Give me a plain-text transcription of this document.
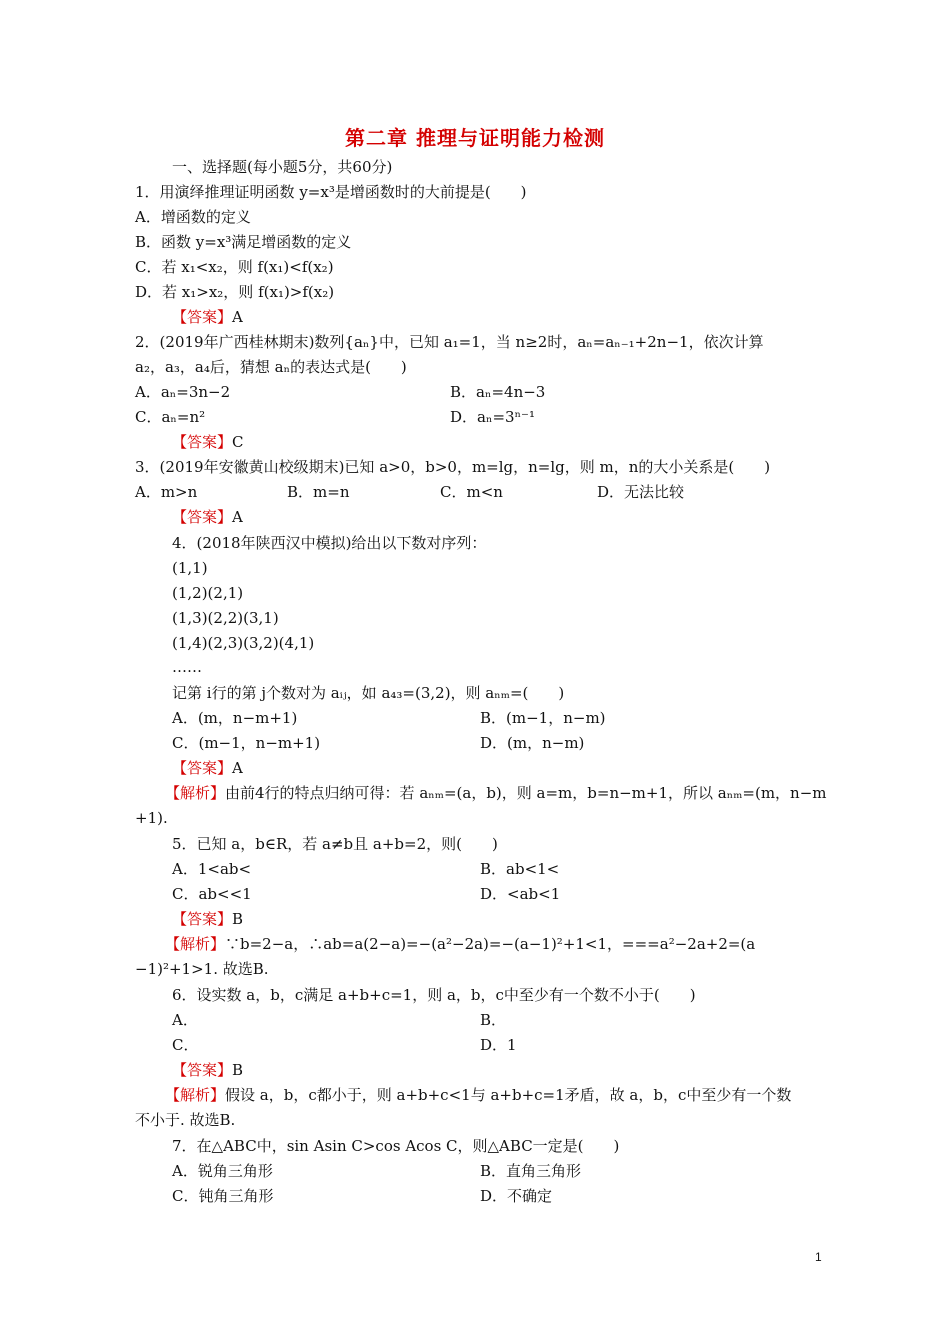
第二章 推理与证明能力检测
一、选择题(每小题5分，共60分)
1．用演绎推理证明函数 y=x³是增函数时的大前提是(　　)
A．增函数的定义
B．函数 y=x³满足增函数的定义
C．若 x₁<x₂，则 f(x₁)<f(x₂)
D．若 x₁>x₂，则 f(x₁)>f(x₂)
【答案】A
2．(2019年广西桂林期末)数列{aₙ}中，已知 a₁=1，当 n≥2时，aₙ=aₙ₋₁+2n−1，依次计算
a₂，a₃，a₄后，猜想 aₙ的表达式是(　　)
A．aₙ=3n−2	B．aₙ=4n−3
C．aₙ=n²	D．aₙ=3ⁿ⁻¹
【答案】C
3．(2019年安徽黄山校级期末)已知 a>0，b>0，m=lg，n=lg，则 m，n的大小关系是(　　)
A．m>n	B．m=n	C．m<n	D．无法比较
【答案】A
4．(2018年陕西汉中模拟)给出以下数对序列：
(1,1)
(1,2)(2,1)
(1,3)(2,2)(3,1)
(1,4)(2,3)(3,2)(4,1)
……
记第 i行的第 j个数对为 aᵢⱼ，如 a₄₃=(3,2)，则 aₙₘ=(　　)
A．(m，n−m+1)	B．(m−1，n−m)
C．(m−1，n−m+1)	D．(m，n−m)
【答案】A
【解析】由前4行的特点归纳可得：若 aₙₘ=(a，b)，则 a=m，b=n−m+1，所以 aₙₘ=(m，n−m
+1).
5．已知 a，b∈R，若 a≠b且 a+b=2，则(　　)
A．1<ab<	B．ab<1<
C．ab<<1	D．<ab<1
【答案】B
【解析】∵b=2−a，∴ab=a(2−a)=−(a²−2a)=−(a−1)²+1<1，===a²−2a+2=(a
−1)²+1>1. 故选B.
6．设实数 a，b，c满足 a+b+c=1，则 a，b，c中至少有一个数不小于(　　)
A．	B．
C．	D．1
【答案】B
【解析】假设 a，b，c都小于，则 a+b+c<1与 a+b+c=1矛盾，故 a，b，c中至少有一个数
不小于. 故选B.
7．在△ABC中，sin Asin C>cos Acos C，则△ABC一定是(　　)
A．锐角三角形	B．直角三角形
C．钝角三角形	D．不确定
1
